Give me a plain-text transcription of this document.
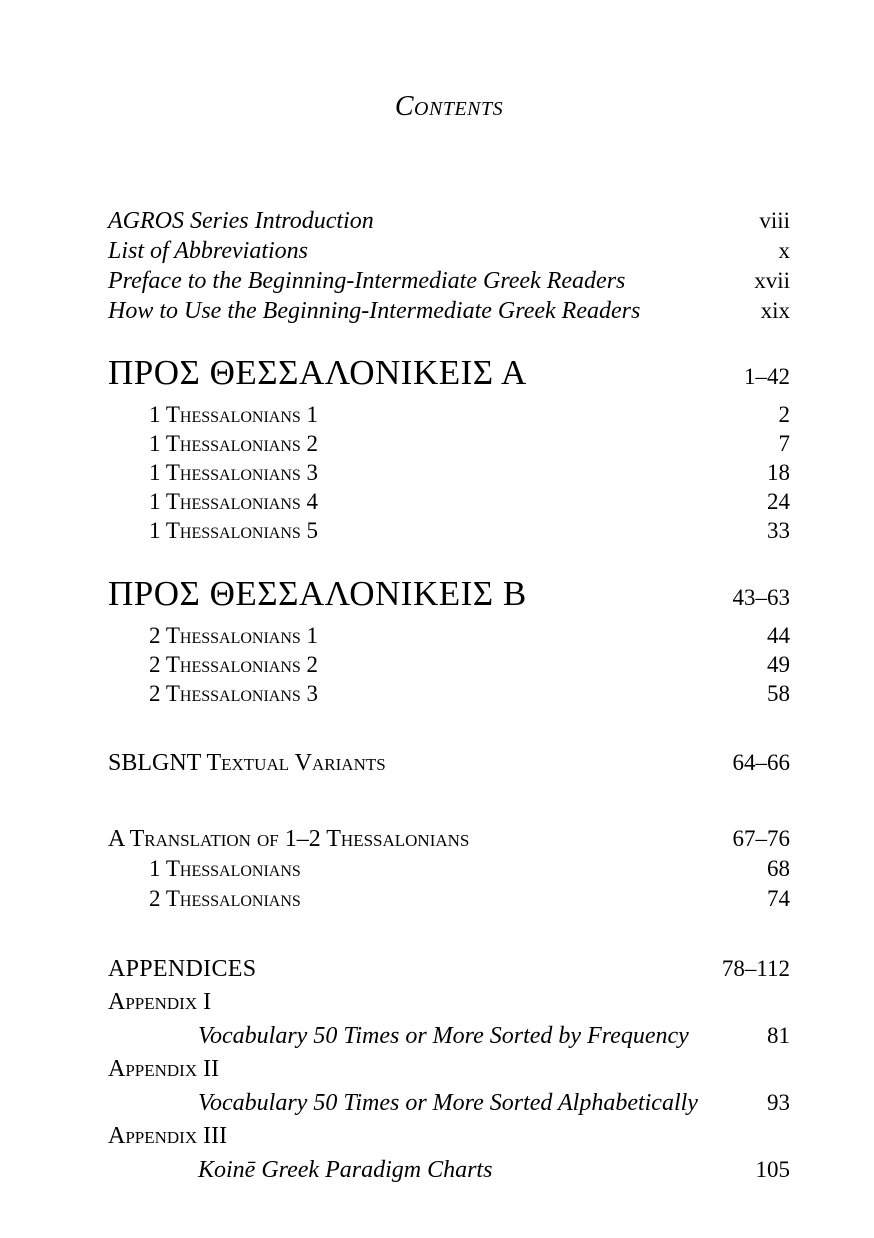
Contents
AGROS Series Introduction	viii
List of Abbreviations	x
Preface to the Beginning-Intermediate Greek Readers	xvii
How to Use the Beginning-Intermediate Greek Readers	xix
ΠΡΟΣ ΘΕΣΣΑΛΟΝΙΚΕΙΣ Α	1–42
1 Thessalonians 1	2
1 Thessalonians 2	7
1 Thessalonians 3	18
1 Thessalonians 4	24
1 Thessalonians 5	33
ΠΡΟΣ ΘΕΣΣΑΛΟΝΙΚΕΙΣ Β	43–63
2 Thessalonians 1	44
2 Thessalonians 2	49
2 Thessalonians 3	58
SBLGNT Textual Variants	64–66
A Translation of 1–2 Thessalonians	67–76
1 Thessalonians	68
2 Thessalonians	74
APPENDICES	78–112
Appendix I
Vocabulary 50 Times or More Sorted by Frequency	81
Appendix II
Vocabulary 50 Times or More Sorted Alphabetically	93
Appendix III
Koinē Greek Paradigm Charts	105
